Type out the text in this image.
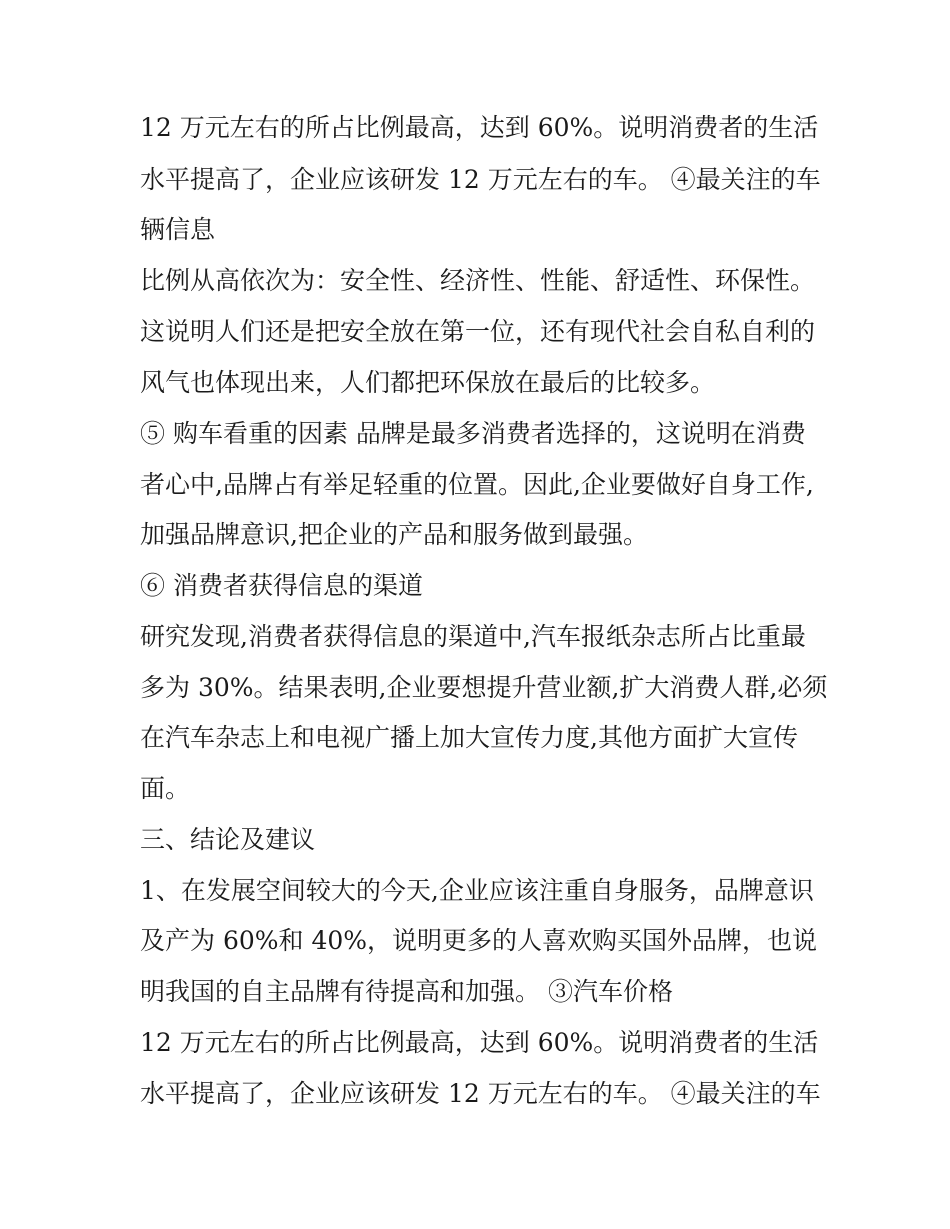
12 万元左右的所占比例最高，达到 60%。说明消费者的生活
水平提高了，企业应该研发 12 万元左右的车。 ④最关注的车
辆信息
比例从高依次为：安全性、经济性、性能、舒适性、环保性。
这说明人们还是把安全放在第一位，还有现代社会自私自利的
风气也体现出来，人们都把环保放在最后的比较多。
⑤ 购车看重的因素 品牌是最多消费者选择的，这说明在消费
者心中,品牌占有举足轻重的位置。因此,企业要做好自身工作,
加强品牌意识,把企业的产品和服务做到最强。
⑥ 消费者获得信息的渠道
研究发现,消费者获得信息的渠道中,汽车报纸杂志所占比重最
多为 30%。结果表明,企业要想提升营业额,扩大消费人群,必须
在汽车杂志上和电视广播上加大宣传力度,其他方面扩大宣传
面。
三、结论及建议
1、在发展空间较大的今天,企业应该注重自身服务，品牌意识
及产为 60%和 40%，说明更多的人喜欢购买国外品牌，也说
明我国的自主品牌有待提高和加强。 ③汽车价格
12 万元左右的所占比例最高，达到 60%。说明消费者的生活
水平提高了，企业应该研发 12 万元左右的车。 ④最关注的车
